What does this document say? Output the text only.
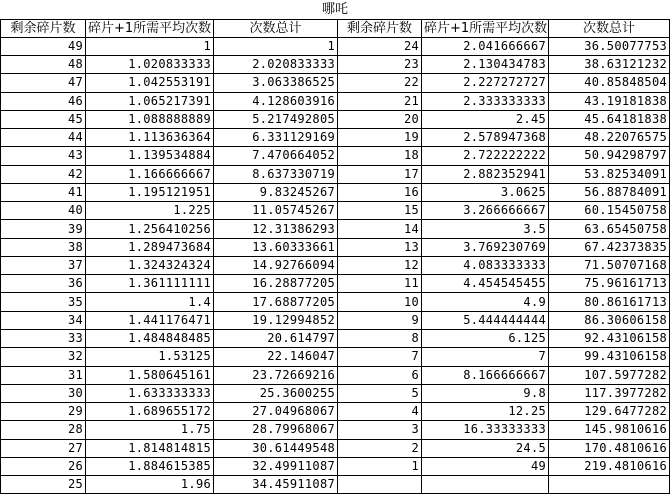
哪吒					
剩余碎片数	碎片+1所需平均次数	次数总计	剩余碎片数	碎片+1所需平均次数	次数总计
49	1	1	24	2.041666667	36.50077753
48	1.020833333	2.020833333	23	2.130434783	38.63121232
47	1.042553191	3.063386525	22	2.227272727	40.85848504
46	1.065217391	4.128603916	21	2.333333333	43.19181838
45	1.088888889	5.217492805	20	2.45	45.64181838
44	1.113636364	6.331129169	19	2.578947368	48.22076575
43	1.139534884	7.470664052	18	2.722222222	50.94298797
42	1.166666667	8.637330719	17	2.882352941	53.82534091
41	1.195121951	9.83245267	16	3.0625	56.88784091
40	1.225	11.05745267	15	3.266666667	60.15450758
39	1.256410256	12.31386293	14	3.5	63.65450758
38	1.289473684	13.60333661	13	3.769230769	67.42373835
37	1.324324324	14.92766094	12	4.083333333	71.50707168
36	1.361111111	16.28877205	11	4.454545455	75.96161713
35	1.4	17.68877205	10	4.9	80.86161713
34	1.441176471	19.12994852	9	5.444444444	86.30606158
33	1.484848485	20.614797	8	6.125	92.43106158
32	1.53125	22.146047	7	7	99.43106158
31	1.580645161	23.72669216	6	8.166666667	107.5977282
30	1.633333333	25.3600255	5	9.8	117.3977282
29	1.689655172	27.04968067	4	12.25	129.6477282
28	1.75	28.79968067	3	16.33333333	145.9810616
27	1.814814815	30.61449548	2	24.5	170.4810616
26	1.884615385	32.49911087	1	49	219.4810616
25	1.96	34.45911087			
